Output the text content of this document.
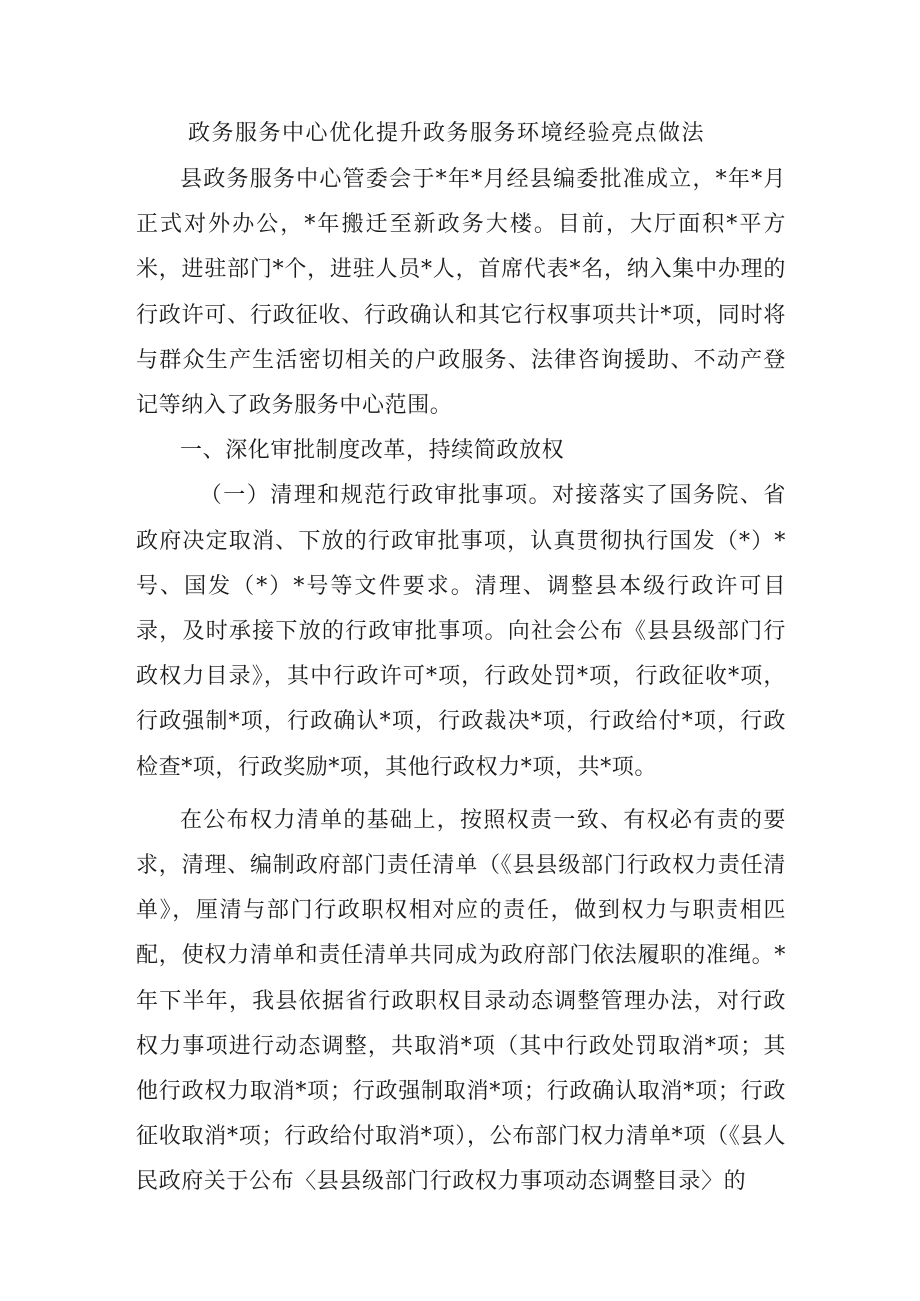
政务服务中心优化提升政务服务环境经验亮点做法

县政务服务中心管委会于*年*月经县编委批准成立，*年*月正式对外办公，*年搬迁至新政务大楼。目前，大厅面积*平方米，进驻部门*个，进驻人员*人，首席代表*名，纳入集中办理的行政许可、行政征收、行政确认和其它行权事项共计*项，同时将与群众生产生活密切相关的户政服务、法律咨询援助、不动产登记等纳入了政务服务中心范围。

一、深化审批制度改革，持续简政放权

（一）清理和规范行政审批事项。对接落实了国务院、省政府决定取消、下放的行政审批事项，认真贯彻执行国发（*）*号、国发（*）*号等文件要求。清理、调整县本级行政许可目录，及时承接下放的行政审批事项。向社会公布《县县级部门行政权力目录》，其中行政许可*项，行政处罚*项，行政征收*项，行政强制*项，行政确认*项，行政裁决*项，行政给付*项，行政检查*项，行政奖励*项，其他行政权力*项，共*项。

在公布权力清单的基础上，按照权责一致、有权必有责的要求，清理、编制政府部门责任清单（《县县级部门行政权力责任清单》，厘清与部门行政职权相对应的责任，做到权力与职责相匹配，使权力清单和责任清单共同成为政府部门依法履职的准绳。*年下半年，我县依据省行政职权目录动态调整管理办法，对行政权力事项进行动态调整，共取消*项（其中行政处罚取消*项；其他行政权力取消*项；行政强制取消*项；行政确认取消*项；行政征收取消*项；行政给付取消*项），公布部门权力清单*项（《县人民政府关于公布〈县县级部门行政权力事项动态调整目录〉的
